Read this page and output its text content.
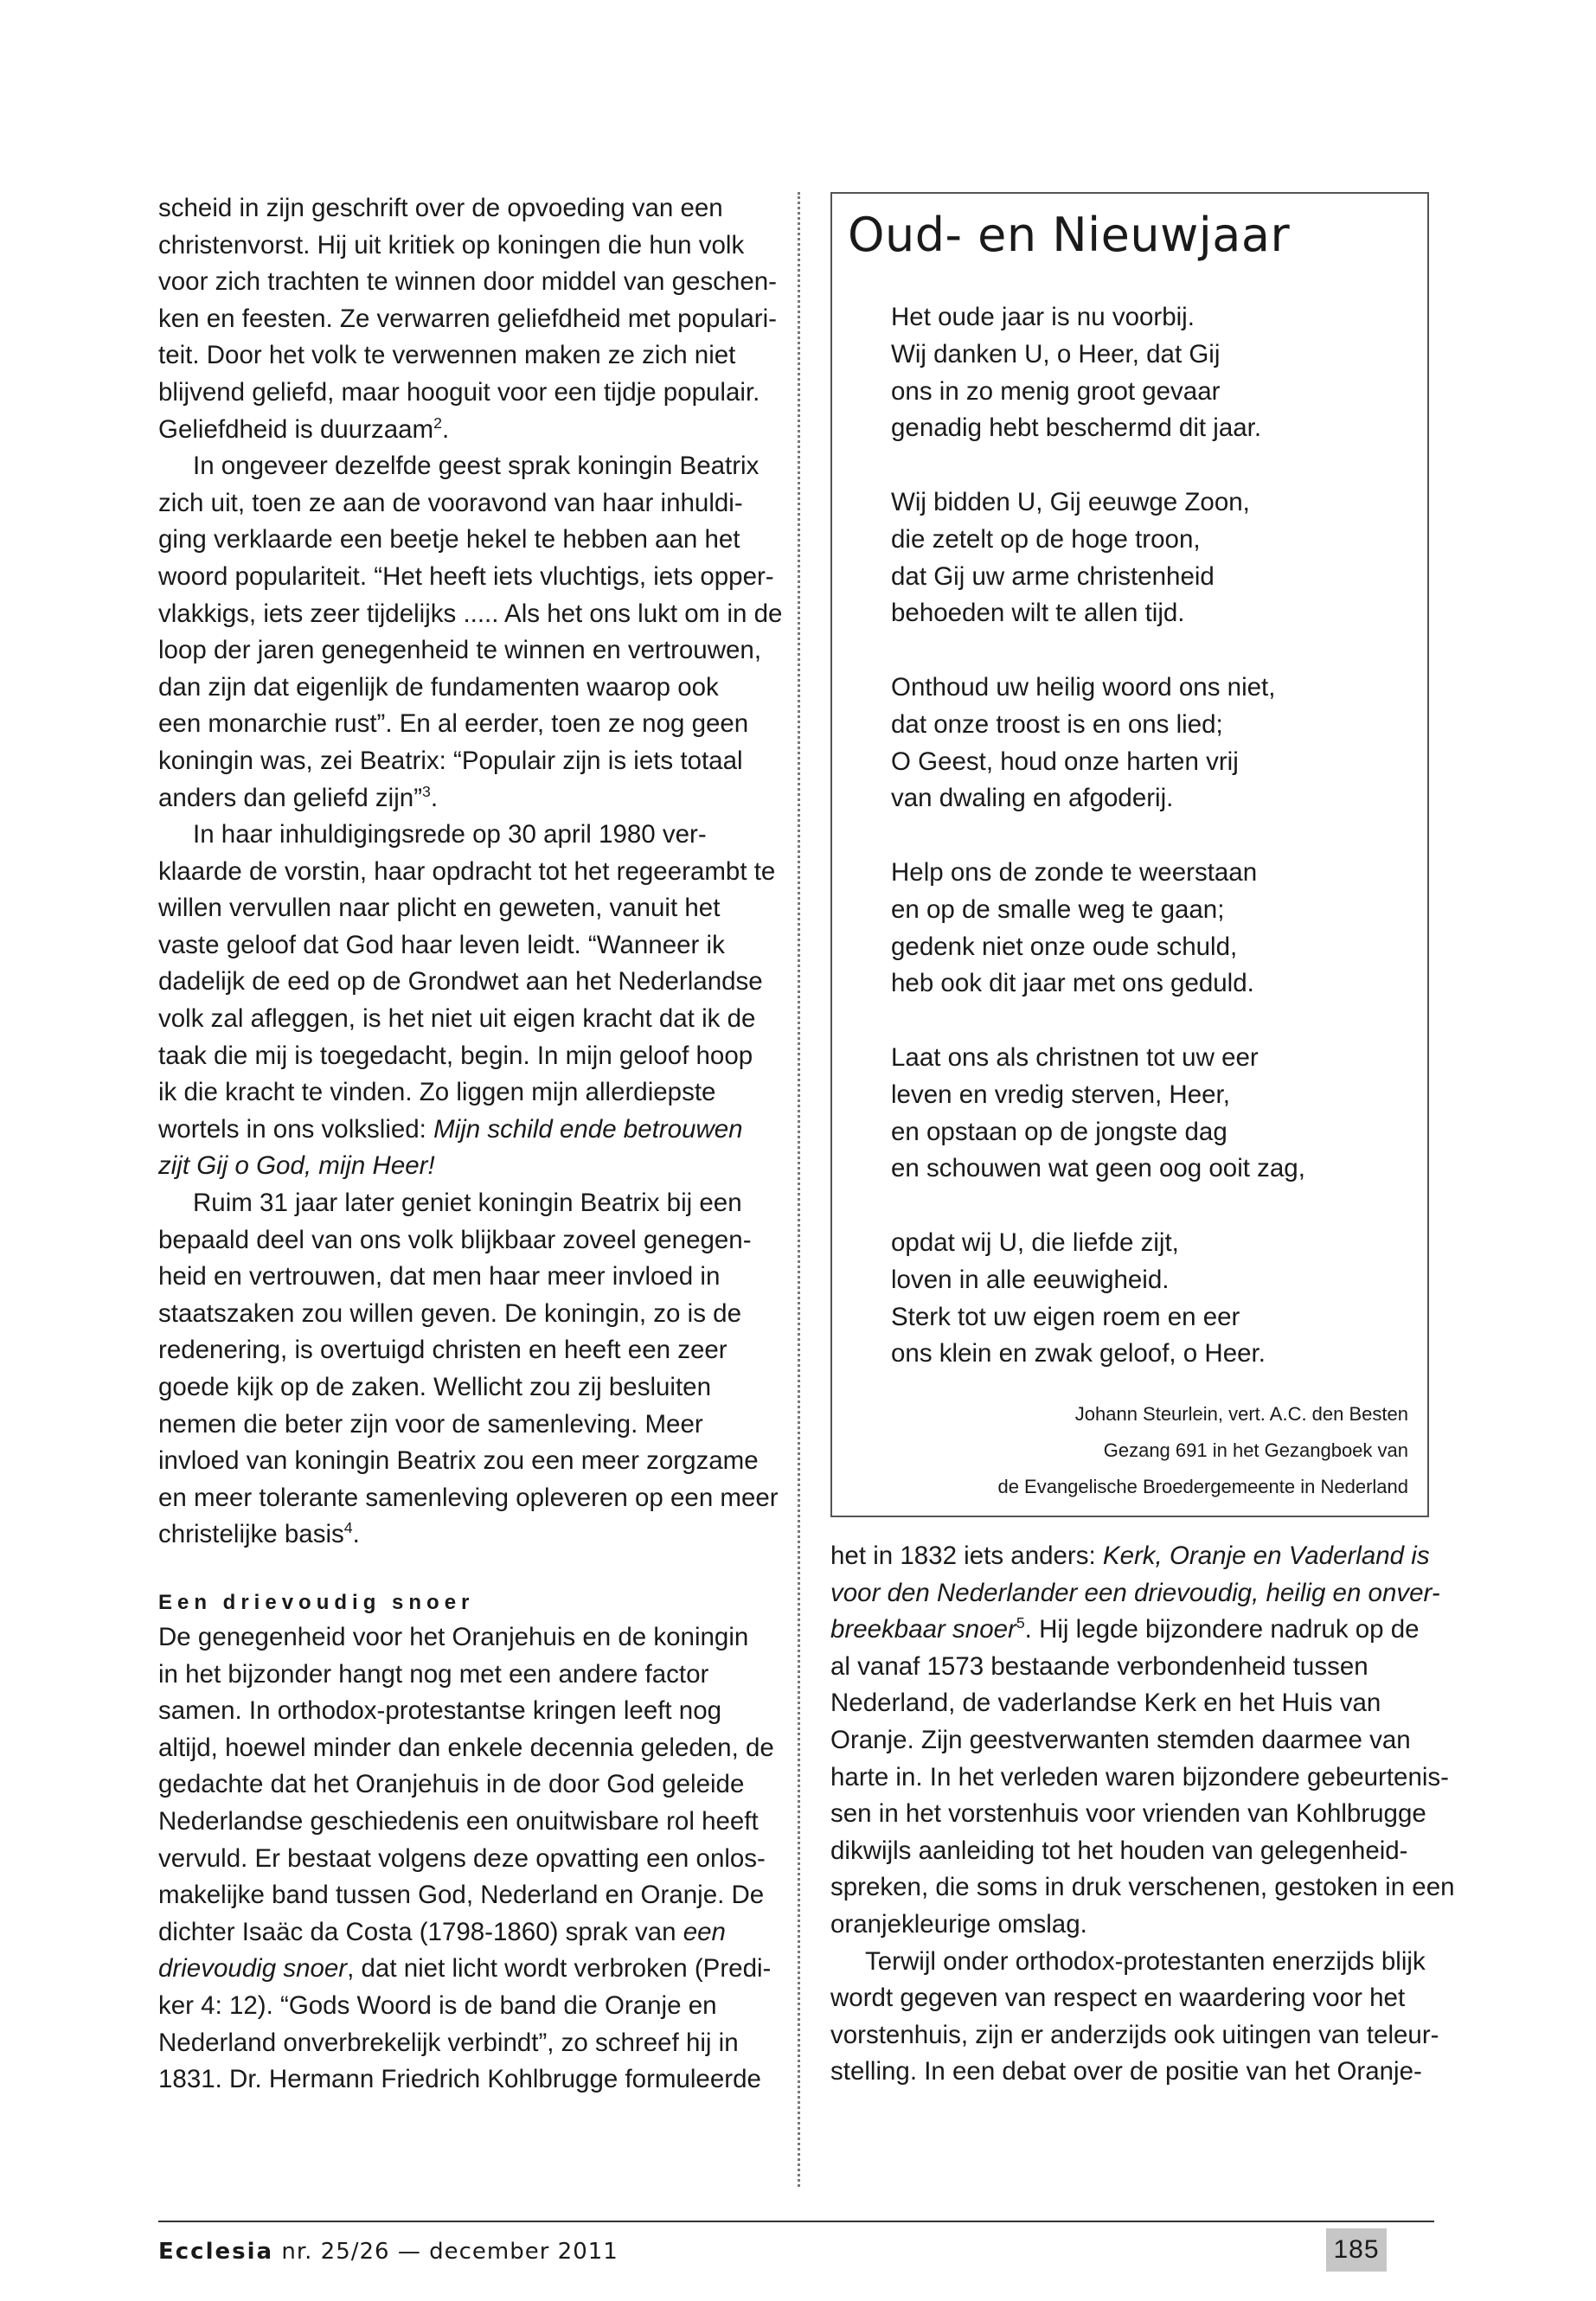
scheid in zijn geschrift over de opvoeding van een
christenvorst. Hij uit kritiek op koningen die hun volk
voor zich trachten te winnen door middel van geschen-
ken en feesten. Ze verwarren geliefdheid met populari-
teit. Door het volk te verwennen maken ze zich niet
blijvend geliefd, maar hooguit voor een tijdje populair.
Geliefdheid is duurzaam$^2$.

In ongeveer dezelfde geest sprak koningin Beatrix
zich uit, toen ze aan de vooravond van haar inhuldi-
ging verklaarde een beetje hekel te hebben aan het
woord populariteit. “Het heeft iets vluchtigs, iets opper-
vlakkigs, iets zeer tijdelijks ..... Als het ons lukt om in de
loop der jaren genegenheid te winnen en vertrouwen,
dan zijn dat eigenlijk de fundamenten waarop ook
een monarchie rust”. En al eerder, toen ze nog geen
koningin was, zei Beatrix: “Populair zijn is iets totaal
anders dan geliefd zijn”$^3$.

In haar inhuldigingsrede op 30 april 1980 ver-
klaarde de vorstin, haar opdracht tot het regeerambt te
willen vervullen naar plicht en geweten, vanuit het
vaste geloof dat God haar leven leidt. “Wanneer ik
dadelijk de eed op de Grondwet aan het Nederlandse
volk zal afleggen, is het niet uit eigen kracht dat ik de
taak die mij is toegedacht, begin. In mijn geloof hoop
ik die kracht te vinden. Zo liggen mijn allerdiepste
wortels in ons volkslied: Mijn schild ende betrouwen
zijt Gij o God, mijn Heer!

Ruim 31 jaar later geniet koningin Beatrix bij een
bepaald deel van ons volk blijkbaar zoveel genegen-
heid en vertrouwen, dat men haar meer invloed in
staatszaken zou willen geven. De koningin, zo is de
redenering, is overtuigd christen en heeft een zeer
goede kijk op de zaken. Wellicht zou zij besluiten
nemen die beter zijn voor de samenleving. Meer
invloed van koningin Beatrix zou een meer zorgzame
en meer tolerante samenleving opleveren op een meer
christelijke basis$^4$.

Een drievoudig snoer

De genegenheid voor het Oranjehuis en de koningin
in het bijzonder hangt nog met een andere factor
samen. In orthodox-protestantse kringen leeft nog
altijd, hoewel minder dan enkele decennia geleden, de
gedachte dat het Oranjehuis in de door God geleide
Nederlandse geschiedenis een onuitwisbare rol heeft
vervuld. Er bestaat volgens deze opvatting een onlos-
makelijke band tussen God, Nederland en Oranje. De
dichter Isaäc da Costa (1798-1860) sprak van een
drievoudig snoer, dat niet licht wordt verbroken (Predi-
ker 4: 12). “Gods Woord is de band die Oranje en
Nederland onverbrekelijk verbindt”, zo schreef hij in
1831. Dr. Hermann Friedrich Kohlbrugge formuleerde

Oud- en Nieuwjaar
Het oude jaar is nu voorbij.
Wij danken U, o Heer, dat Gij
ons in zo menig groot gevaar
genadig hebt beschermd dit jaar.
Wij bidden U, Gij eeuwge Zoon,
die zetelt op de hoge troon,
dat Gij uw arme christenheid
behoeden wilt te allen tijd.
Onthoud uw heilig woord ons niet,
dat onze troost is en ons lied;
O Geest, houd onze harten vrij
van dwaling en afgoderij.
Help ons de zonde te weerstaan
en op de smalle weg te gaan;
gedenk niet onze oude schuld,
heb ook dit jaar met ons geduld.
Laat ons als christnen tot uw eer
leven en vredig sterven, Heer,
en opstaan op de jongste dag
en schouwen wat geen oog ooit zag,
opdat wij U, die liefde zijt,
loven in alle eeuwigheid.
Sterk tot uw eigen roem en eer
ons klein en zwak geloof, o Heer.
Johann Steurlein, vert. A.C. den Besten
Gezang 691 in het Gezangboek van
de Evangelische Broedergemeente in Nederland

het in 1832 iets anders: Kerk, Oranje en Vaderland is
voor den Nederlander een drievoudig, heilig en onver-
breekbaar snoer$^5$. Hij legde bijzondere nadruk op de
al vanaf 1573 bestaande verbondenheid tussen
Nederland, de vaderlandse Kerk en het Huis van
Oranje. Zijn geestverwanten stemden daarmee van
harte in. In het verleden waren bijzondere gebeurtenis-
sen in het vorstenhuis voor vrienden van Kohlbrugge
dikwijls aanleiding tot het houden van gelegenheid-
spreken, die soms in druk verschenen, gestoken in een
oranjekleurige omslag.

Terwijl onder orthodox-protestanten enerzijds blijk
wordt gegeven van respect en waardering voor het
vorstenhuis, zijn er anderzijds ook uitingen van teleur-
stelling. In een debat over de positie van het Oranje-

Ecclesia nr. 25/26 — december 2011	185
